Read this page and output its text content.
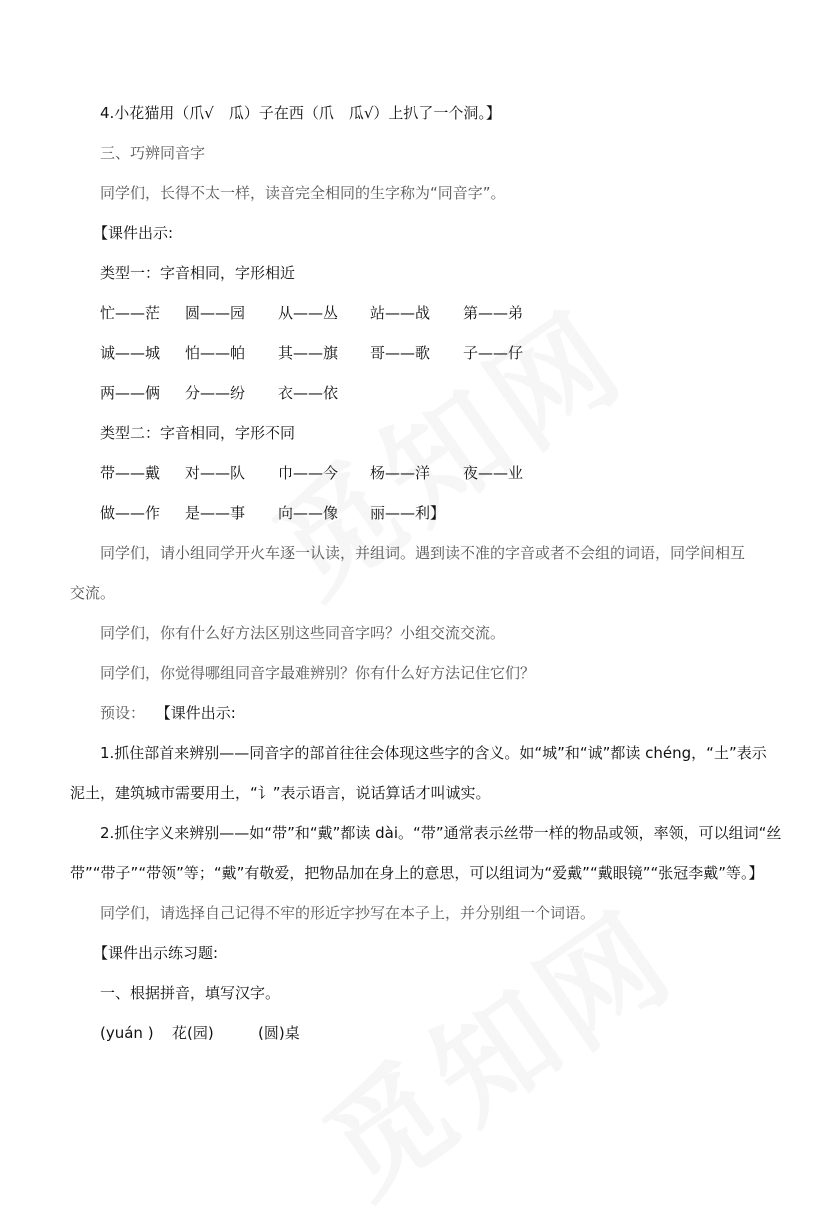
4.小花猫用（爪√　瓜）子在西（爪　瓜√）上扒了一个洞。】
三、巧辨同音字
同学们，长得不太一样，读音完全相同的生字称为“同音字”。
【课件出示:
类型一：字音相同，字形相近
忙——茫 圆——园 从——丛 站——战 第——弟
诚——城 怕——帕 其——旗 哥——歌 子——仔
两——俩 分——纷 衣——依
类型二：字音相同，字形不同
带——戴 对——队 巾——今 杨——洋 夜——业
做——作 是——事 向——像 丽——利】
同学们，请小组同学开火车逐一认读，并组词。遇到读不准的字音或者不会组的词语，同学间相互
交流。
同学们，你有什么好方法区别这些同音字吗？小组交流交流。
同学们，你觉得哪组同音字最难辨别？你有什么好方法记住它们？
预设： 【课件出示:
1.抓住部首来辨别——同音字的部首往往会体现这些字的含义。如“城”和“诚”都读 chéng，“土”表示
泥土，建筑城市需要用土，“讠”表示语言，说话算话才叫诚实。
2.抓住字义来辨别——如“带”和“戴”都读 dài。“带”通常表示丝带一样的物品或领，率领，可以组词“丝
带”“带子”“带领”等；“戴”有敬爱，把物品加在身上的意思，可以组词为“爱戴”“戴眼镜”“张冠李戴”等。】
同学们，请选择自己记得不牢的形近字抄写在本子上，并分别组一个词语。
【课件出示练习题:
一、根据拼音，填写汉字。
(yuán ) 花(园)	(圆)桌
